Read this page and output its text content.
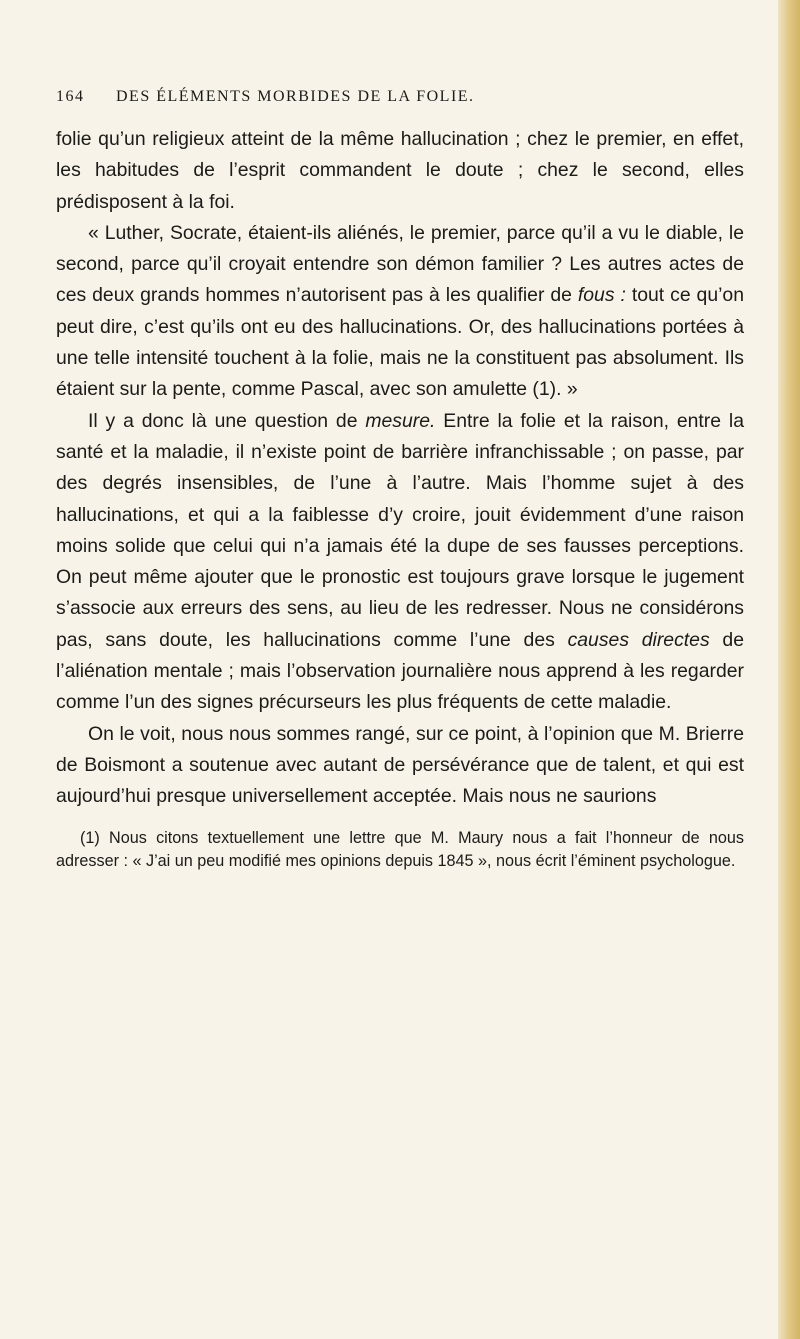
164 DES ÉLÉMENTS MORBIDES DE LA FOLIE.

folie qu’un religieux atteint de la même hallucination ; chez le premier, en effet, les habitudes de l’esprit commandent le doute ; chez le second, elles prédisposent à la foi.

« Luther, Socrate, étaient-ils aliénés, le premier, parce qu’il a vu le diable, le second, parce qu’il croyait entendre son démon familier ? Les autres actes de ces deux grands hommes n’autorisent pas à les qualifier de fous : tout ce qu’on peut dire, c’est qu’ils ont eu des hallucinations. Or, des hallucinations portées à une telle intensité touchent à la folie, mais ne la constituent pas absolument. Ils étaient sur la pente, comme Pascal, avec son amulette (1). »

Il y a donc là une question de mesure. Entre la folie et la raison, entre la santé et la maladie, il n’existe point de barrière infranchissable ; on passe, par des degrés insensibles, de l’une à l’autre. Mais l’homme sujet à des hallucinations, et qui a la faiblesse d’y croire, jouit évidemment d’une raison moins solide que celui qui n’a jamais été la dupe de ses fausses perceptions. On peut même ajouter que le pronostic est toujours grave lorsque le jugement s’associe aux erreurs des sens, au lieu de les redresser. Nous ne considérons pas, sans doute, les hallucinations comme l’une des causes directes de l’aliénation mentale ; mais l’observation journalière nous apprend à les regarder comme l’un des signes précurseurs les plus fréquents de cette maladie.

On le voit, nous nous sommes rangé, sur ce point, à l’opinion que M. Brierre de Boismont a soutenue avec autant de persévérance que de talent, et qui est aujourd’hui presque universellement acceptée. Mais nous ne saurions

(1) Nous citons textuellement une lettre que M. Maury nous a fait l’honneur de nous adresser : « J’ai un peu modifié mes opinions depuis 1845 », nous écrit l’éminent psychologue.
